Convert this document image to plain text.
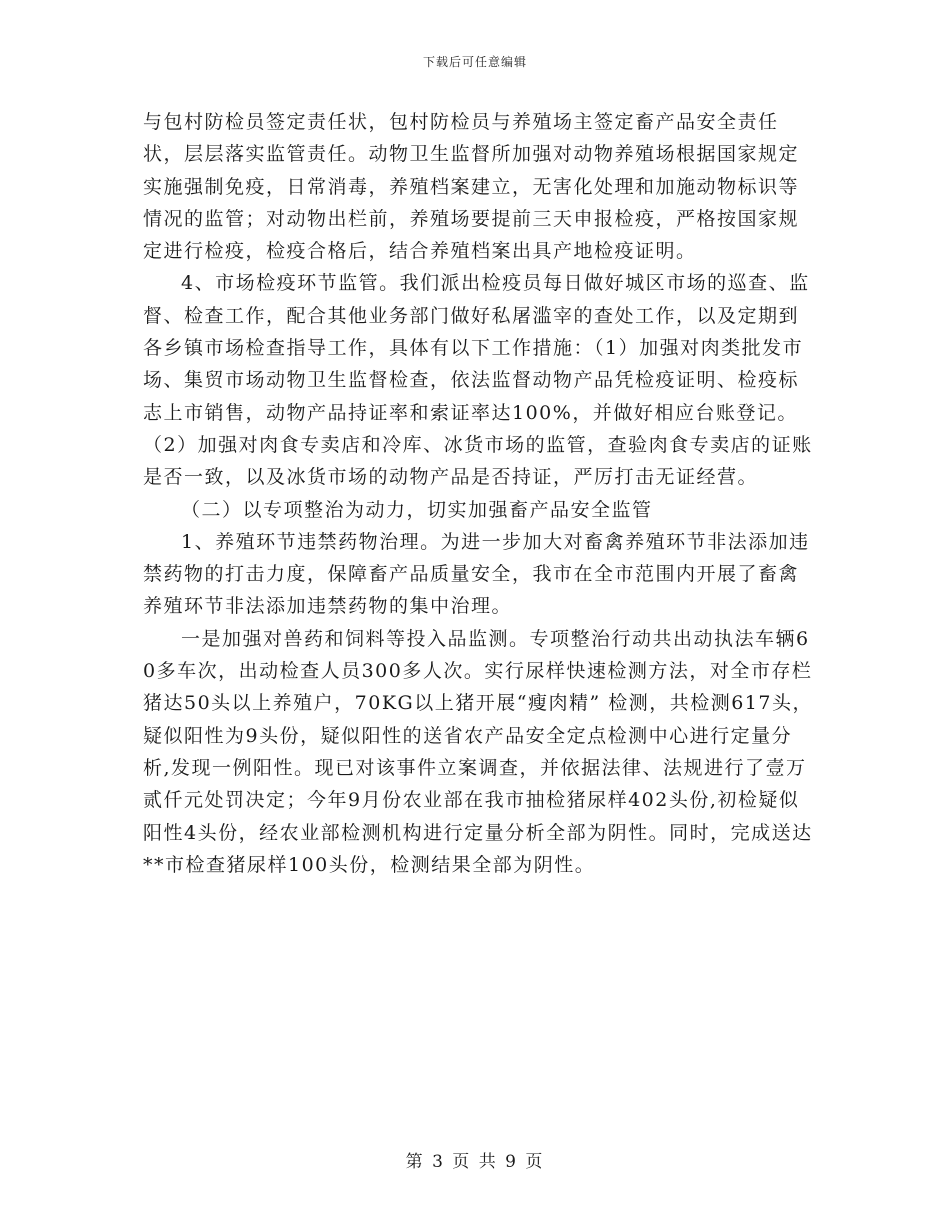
下载后可任意编辑

与包村防检员签定责任状，包村防检员与养殖场主签定畜产品安全责任状，层层落实监管责任。动物卫生监督所加强对动物养殖场根据国家规定实施强制免疫，日常消毒，养殖档案建立，无害化处理和加施动物标识等情况的监管；对动物出栏前，养殖场要提前三天申报检疫，严格按国家规定进行检疫，检疫合格后，结合养殖档案出具产地检疫证明。

4、市场检疫环节监管。我们派出检疫员每日做好城区市场的巡查、监督、检查工作，配合其他业务部门做好私屠滥宰的查处工作，以及定期到各乡镇市场检查指导工作，具体有以下工作措施：（1）加强对肉类批发市场、集贸市场动物卫生监督检查，依法监督动物产品凭检疫证明、检疫标志上市销售，动物产品持证率和索证率达100%，并做好相应台账登记。（2）加强对肉食专卖店和冷库、冰货市场的监管，查验肉食专卖店的证账是否一致，以及冰货市场的动物产品是否持证，严厉打击无证经营。

（二）以专项整治为动力，切实加强畜产品安全监管

1、养殖环节违禁药物治理。为进一步加大对畜禽养殖环节非法添加违禁药物的打击力度，保障畜产品质量安全，我市在全市范围内开展了畜禽养殖环节非法添加违禁药物的集中治理。

一是加强对兽药和饲料等投入品监测。专项整治行动共出动执法车辆60多车次，出动检查人员300多人次。实行尿样快速检测方法，对全市存栏猪达50头以上养殖户，70KG以上猪开展“瘦肉精” 检测，共检测617头，疑似阳性为9头份，疑似阳性的送省农产品安全定点检测中心进行定量分析,发现一例阳性。现已对该事件立案调查，并依据法律、法规进行了壹万贰仟元处罚决定；今年9月份农业部在我市抽检猪尿样402头份,初检疑似阳性4头份，经农业部检测机构进行定量分析全部为阴性。同时，完成送达**市检查猪尿样100头份，检测结果全部为阴性。

第 3 页 共 9 页
